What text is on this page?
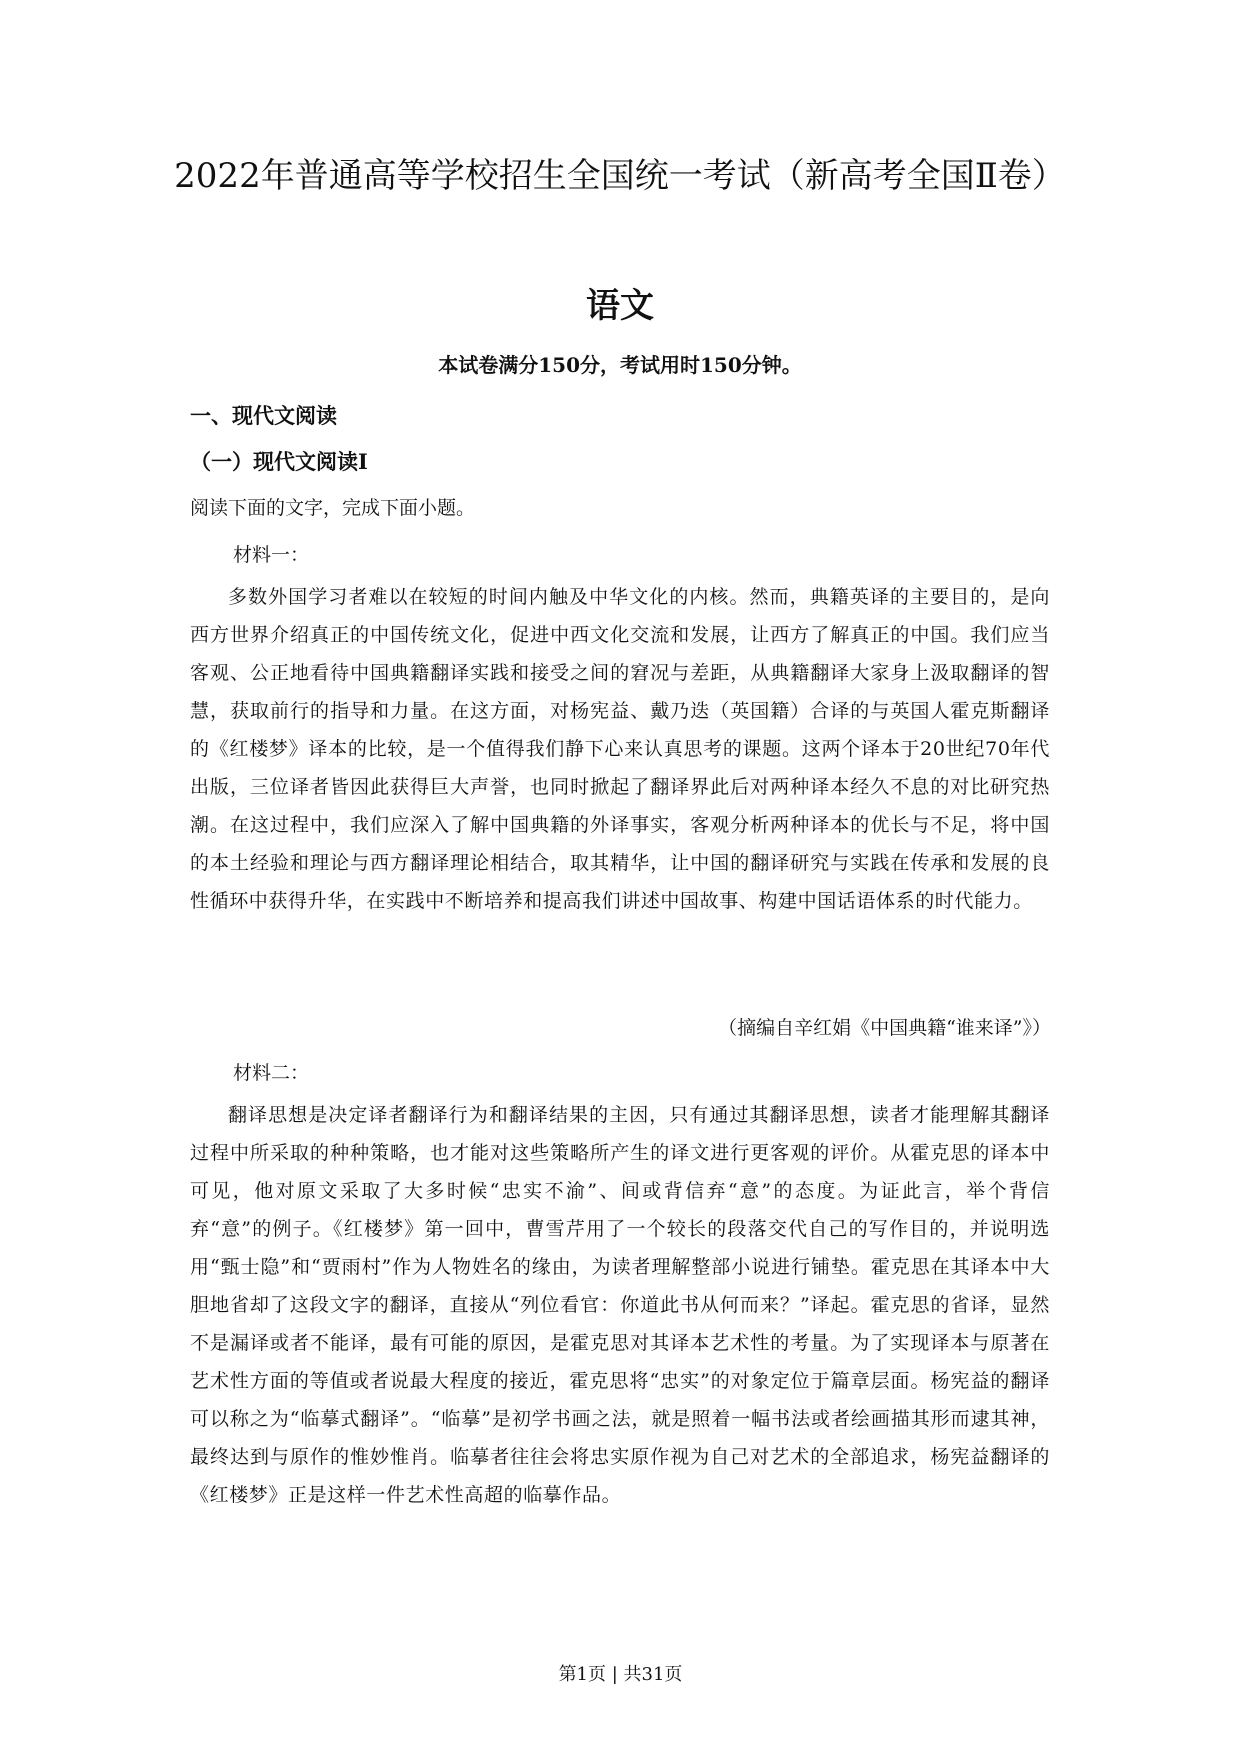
2022年普通高等学校招生全国统一考试（新高考全国Ⅱ卷）
语文

本试卷满分150分，考试用时150分钟。

一、现代文阅读
（一）现代文阅读Ⅰ

阅读下面的文字，完成下面小题。

材料一：

多数外国学习者难以在较短的时间内触及中华文化的内核。然而，典籍英译的主要目的，是向西方世界介绍真正的中国传统文化，促进中西文化交流和发展，让西方了解真正的中国。我们应当客观、公正地看待中国典籍翻译实践和接受之间的窘况与差距，从典籍翻译大家身上汲取翻译的智慧，获取前行的指导和力量。在这方面，对杨宪益、戴乃迭（英国籍）合译的与英国人霍克斯翻译的《红楼梦》译本的比较，是一个值得我们静下心来认真思考的课题。这两个译本于20世纪70年代出版，三位译者皆因此获得巨大声誉，也同时掀起了翻译界此后对两种译本经久不息的对比研究热潮。在这过程中，我们应深入了解中国典籍的外译事实，客观分析两种译本的优长与不足，将中国的本土经验和理论与西方翻译理论相结合，取其精华，让中国的翻译研究与实践在传承和发展的良性循环中获得升华，在实践中不断培养和提高我们讲述中国故事、构建中国话语体系的时代能力。

（摘编自辛红娟《中国典籍“谁来译”》）

材料二：

翻译思想是决定译者翻译行为和翻译结果的主因，只有通过其翻译思想，读者才能理解其翻译过程中所采取的种种策略，也才能对这些策略所产生的译文进行更客观的评价。从霍克思的译本中可见，他对原文采取了大多时候“忠实不渝”、间或背信弃“意”的态度。为证此言，举个背信弃“意”的例子。《红楼梦》第一回中，曹雪芹用了一个较长的段落交代自己的写作目的，并说明选用“甄士隐”和“贾雨村”作为人物姓名的缘由，为读者理解整部小说进行铺垫。霍克思在其译本中大胆地省却了这段文字的翻译，直接从“列位看官：你道此书从何而来？”译起。霍克思的省译，显然不是漏译或者不能译，最有可能的原因，是霍克思对其译本艺术性的考量。为了实现译本与原著在艺术性方面的等值或者说最大程度的接近，霍克思将“忠实”的对象定位于篇章层面。杨宪益的翻译可以称之为“临摹式翻译”。“临摹”是初学书画之法，就是照着一幅书法或者绘画描其形而逮其神，最终达到与原作的惟妙惟肖。临摹者往往会将忠实原作视为自己对艺术的全部追求，杨宪益翻译的《红楼梦》正是这样一件艺术性高超的临摹作品。

第1页 | 共31页
